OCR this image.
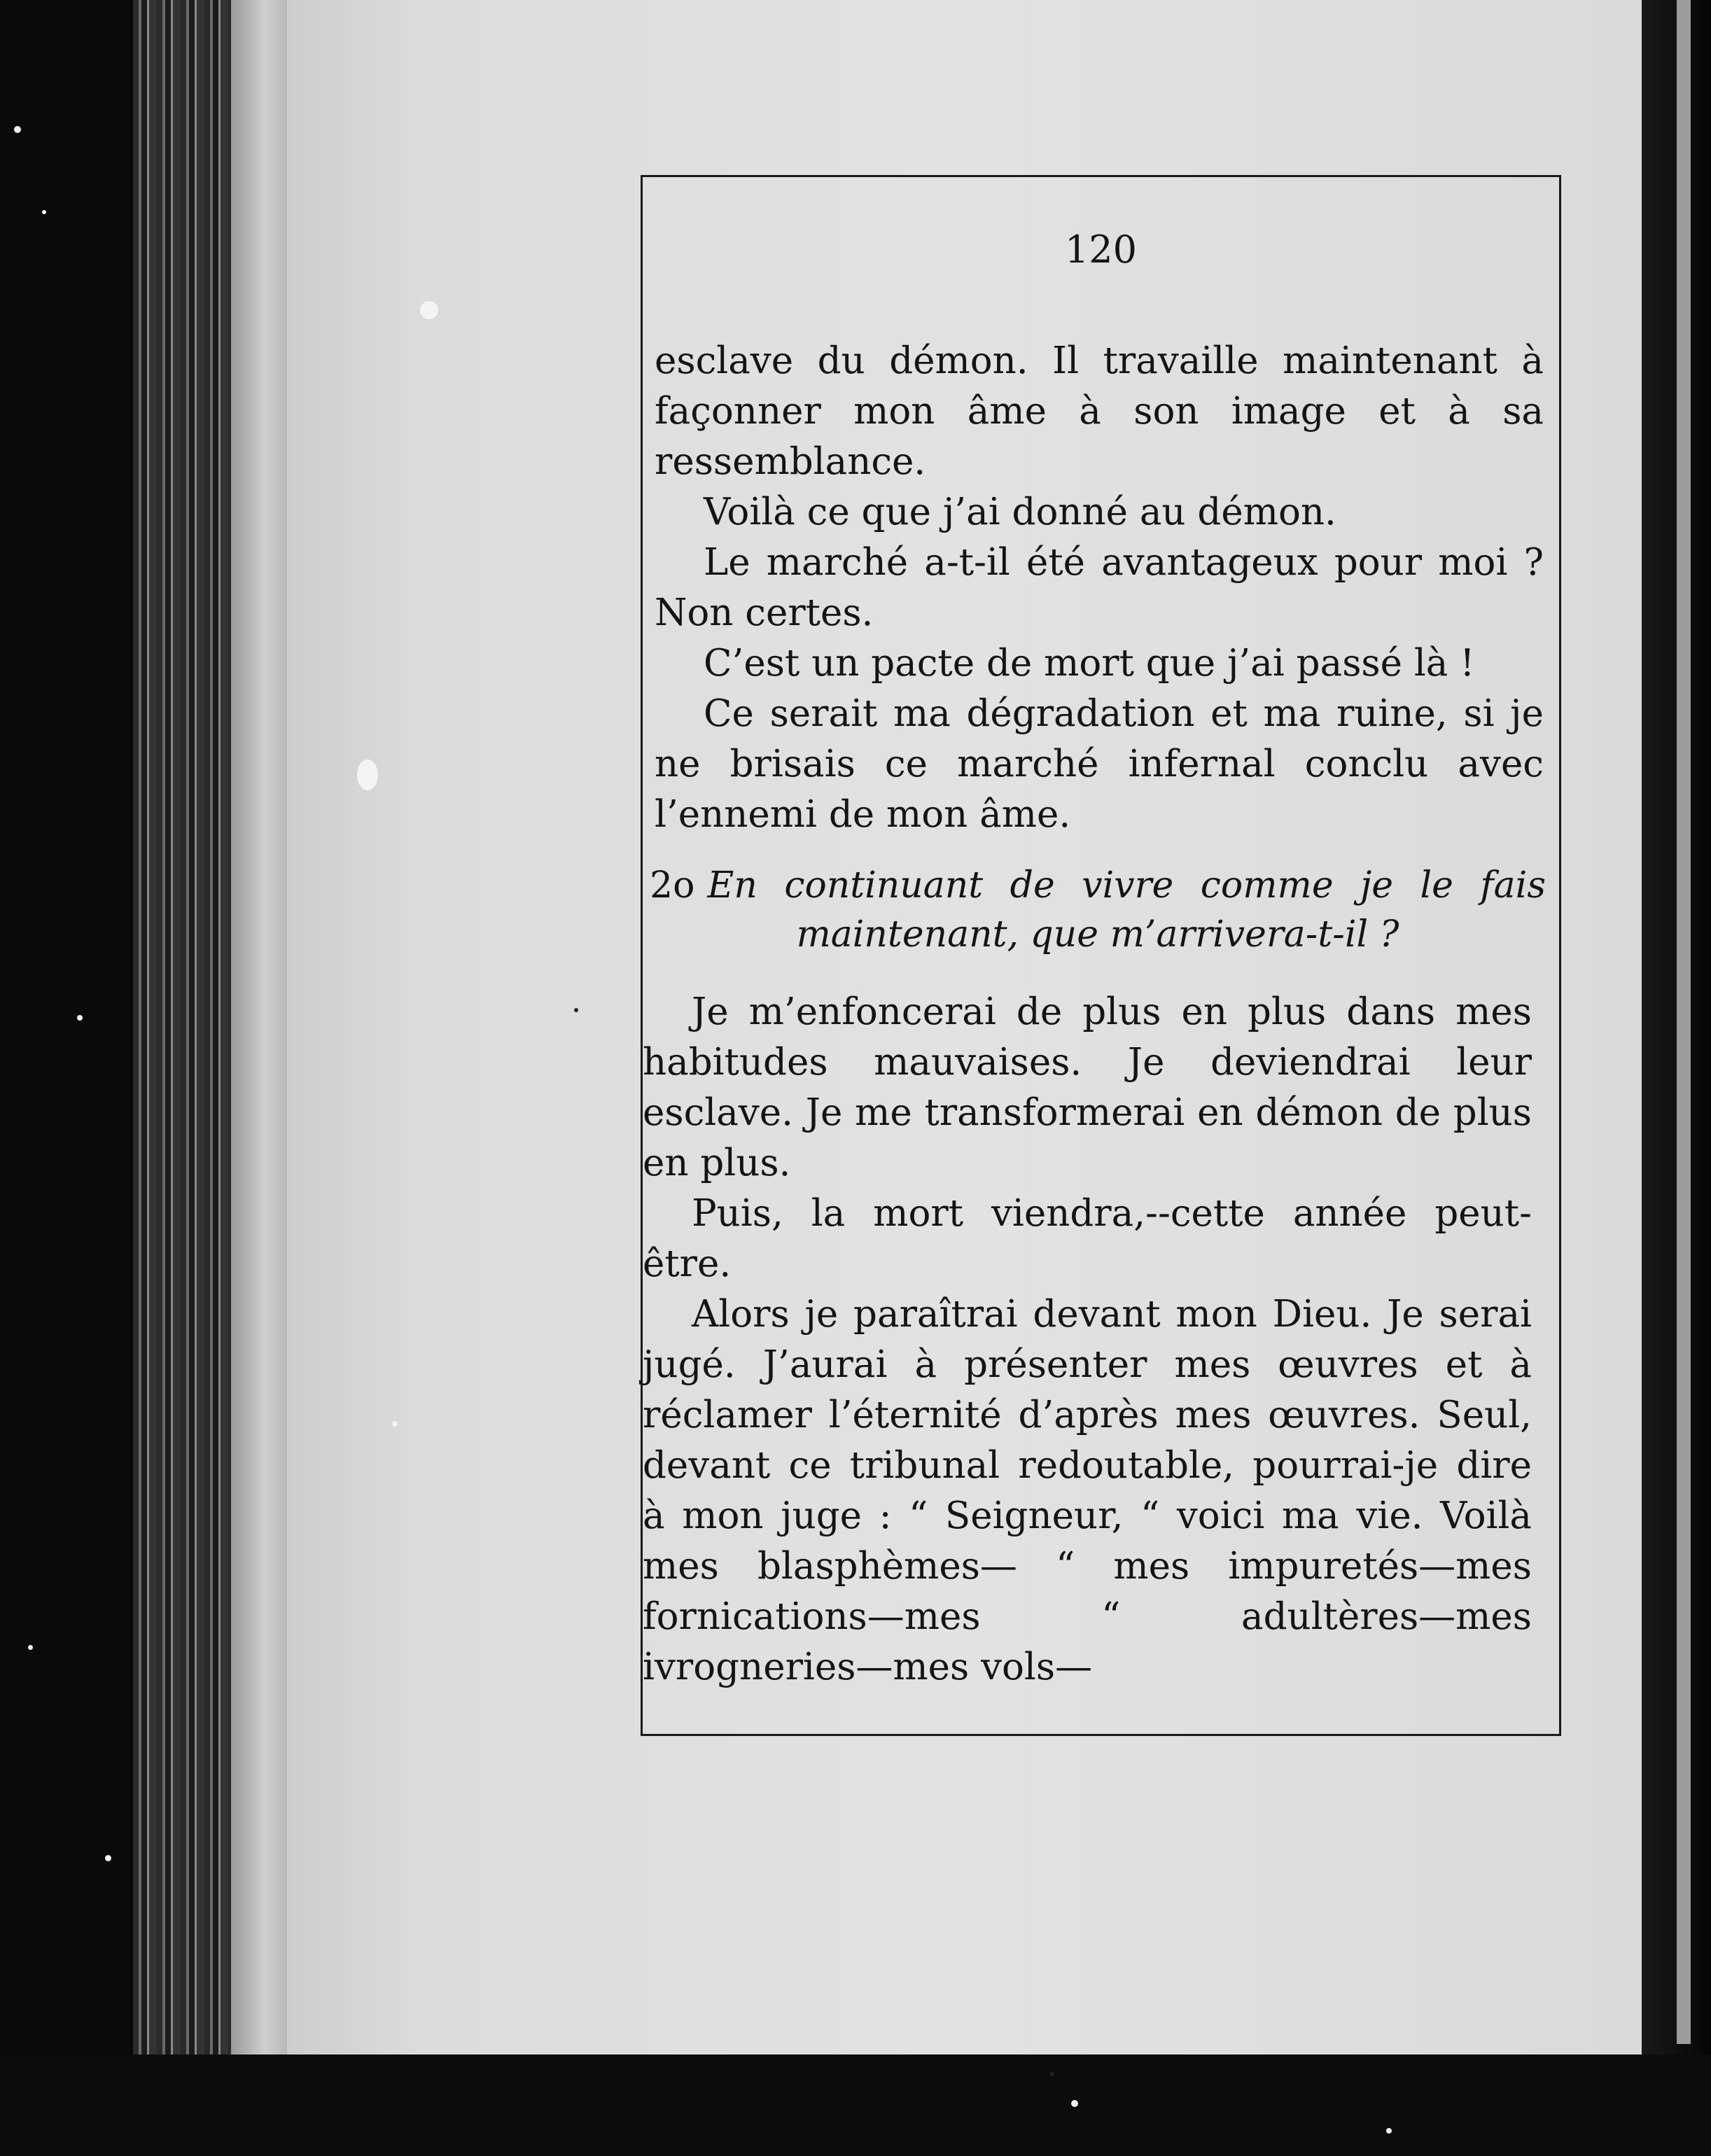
120

esclave du démon. Il travaille maintenant à façonner mon âme à son image et à sa ressemblance.

Voilà ce que j’ai donné au démon.

Le marché a-t-il été avantageux pour moi ? Non certes.

C’est un pacte de mort que j’ai passé là !

Ce serait ma dégradation et ma ruine, si je ne brisais ce marché infernal conclu avec l’ennemi de mon âme.

2o En continuant de vivre comme je le fais
maintenant, que m’arrivera-t-il ?

Je m’enfoncerai de plus en plus dans mes habitudes mauvaises. Je deviendrai leur esclave. Je me transformerai en démon de plus en plus.

Puis, la mort viendra,--cette année peut-être.

Alors je paraîtrai devant mon Dieu. Je serai jugé. J’aurai à présenter mes œuvres et à réclamer l’éternité d’après mes œuvres. Seul, devant ce tribunal redoutable, pourrai-je dire à mon juge : “ Seigneur, “ voici ma vie. Voilà mes blasphèmes— “ mes impuretés—mes fornications—mes “ adultères—mes ivrogneries—mes vols—
